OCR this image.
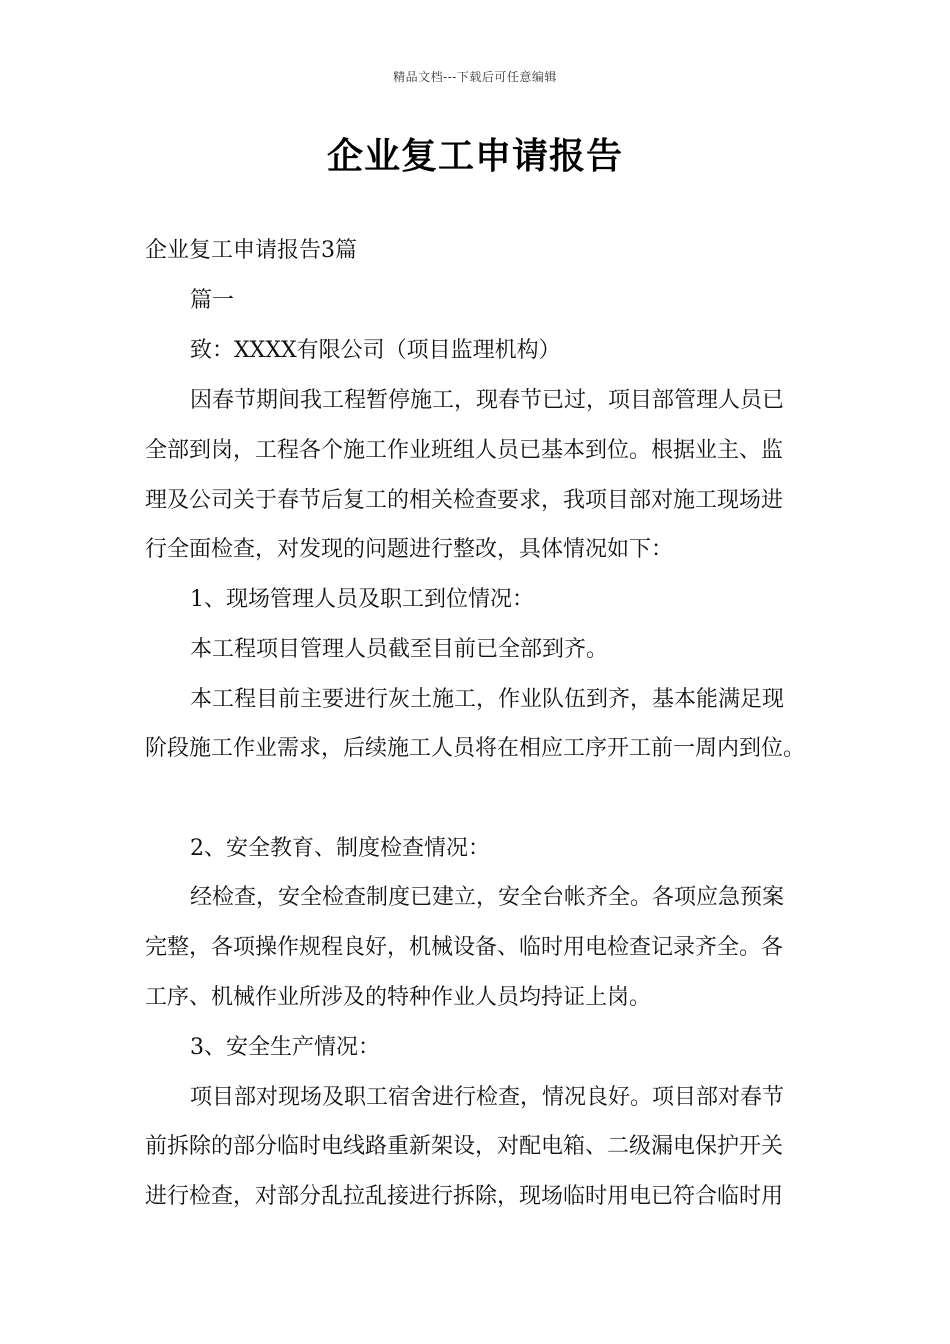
精品文档---下载后可任意编辑
企业复工申请报告
企业复工申请报告3篇
篇一
致：XXXX有限公司（项目监理机构）
因春节期间我工程暂停施工，现春节已过，项目部管理人员已
全部到岗，工程各个施工作业班组人员已基本到位。根据业主、监
理及公司关于春节后复工的相关检查要求，我项目部对施工现场进
行全面检查，对发现的问题进行整改，具体情况如下：
1、现场管理人员及职工到位情况：
本工程项目管理人员截至目前已全部到齐。
本工程目前主要进行灰土施工，作业队伍到齐，基本能满足现
阶段施工作业需求，后续施工人员将在相应工序开工前一周内到位。
2、安全教育、制度检查情况：
经检查，安全检查制度已建立，安全台帐齐全。各项应急预案
完整，各项操作规程良好，机械设备、临时用电检查记录齐全。各
工序、机械作业所涉及的特种作业人员均持证上岗。
3、安全生产情况：
项目部对现场及职工宿舍进行检查，情况良好。项目部对春节
前拆除的部分临时电线路重新架设，对配电箱、二级漏电保护开关
进行检查，对部分乱拉乱接进行拆除，现场临时用电已符合临时用
